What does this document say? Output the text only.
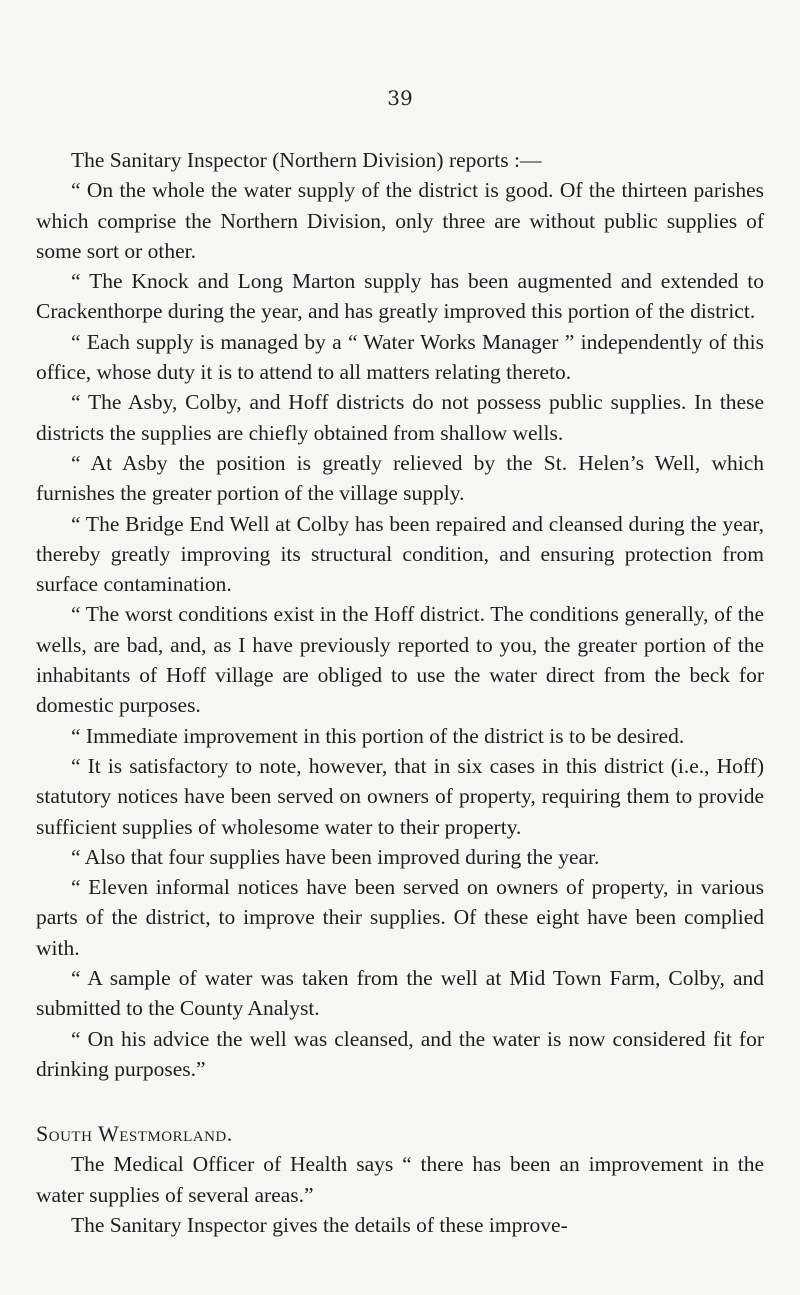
39

The Sanitary Inspector (Northern Division) reports :—

“ On the whole the water supply of the district is good. Of the thirteen parishes which comprise the Northern Division, only three are without public supplies of some sort or other.

“ The Knock and Long Marton supply has been augmented and extended to Crackenthorpe during the year, and has greatly improved this portion of the district.

“ Each supply is managed by a “ Water Works Manager ” independently of this office, whose duty it is to attend to all matters relating thereto.

“ The Asby, Colby, and Hoff districts do not possess public supplies. In these districts the supplies are chiefly obtained from shallow wells.

“ At Asby the position is greatly relieved by the St. Helen’s Well, which furnishes the greater portion of the village supply.

“ The Bridge End Well at Colby has been repaired and cleansed during the year, thereby greatly improving its structural condition, and ensuring protection from surface contamination.

“ The worst conditions exist in the Hoff district. The conditions generally, of the wells, are bad, and, as I have previously reported to you, the greater portion of the inhabitants of Hoff village are obliged to use the water direct from the beck for domestic purposes.

“ Immediate improvement in this portion of the district is to be desired.

“ It is satisfactory to note, however, that in six cases in this district (i.e., Hoff) statutory notices have been served on owners of property, requiring them to provide sufficient supplies of wholesome water to their property.

“ Also that four supplies have been improved during the year.

“ Eleven informal notices have been served on owners of property, in various parts of the district, to improve their supplies. Of these eight have been complied with.

“ A sample of water was taken from the well at Mid Town Farm, Colby, and submitted to the County Analyst.

“ On his advice the well was cleansed, and the water is now considered fit for drinking purposes.”

South Westmorland.

The Medical Officer of Health says “ there has been an improvement in the water supplies of several areas.”

The Sanitary Inspector gives the details of these improve-
